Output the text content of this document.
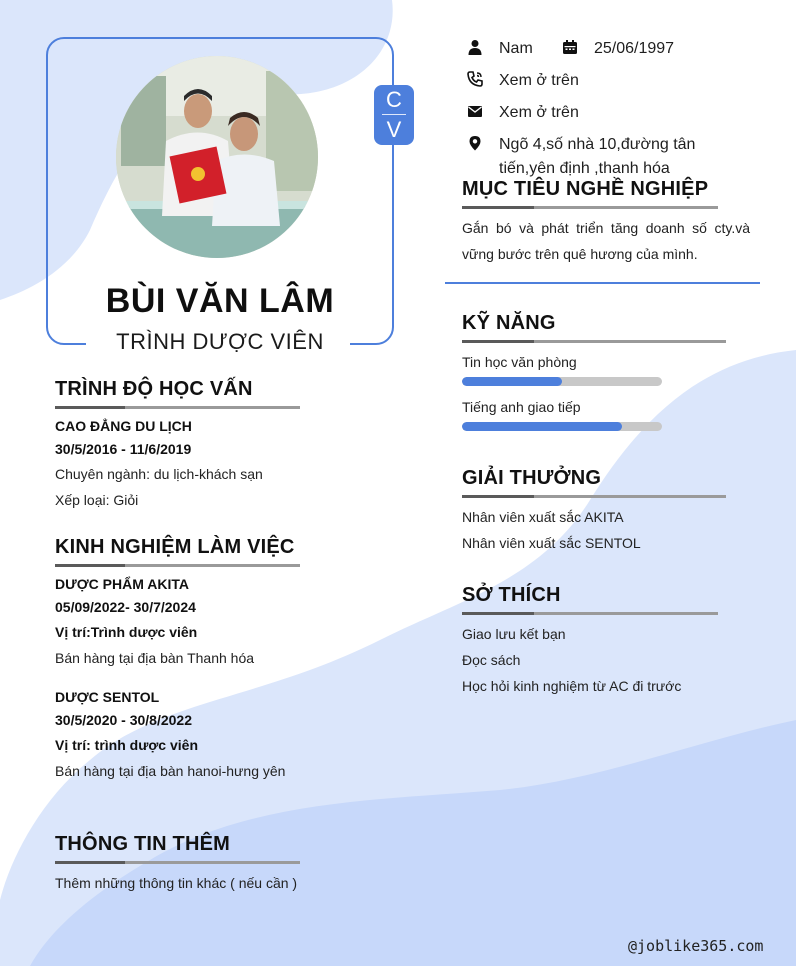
BÙI VĂN LÂM
TRÌNH DƯỢC VIÊN
C
V
Nam	25/06/1997
Xem ở trên
Xem ở trên
Ngõ 4,số nhà 10,đường tân
tiến,yên định ,thanh hóa
MỤC TIÊU NGHỀ NGHIỆP
Gắn bó và phát triển tăng doanh số cty.và vững bước trên quê hương của mình.
KỸ NĂNG
Tin học văn phòng
Tiếng anh giao tiếp
GIẢI THƯỞNG
Nhân viên xuất sắc AKITA
Nhân viên xuất sắc SENTOL
SỞ THÍCH
Giao lưu kết bạn
Đọc sách
Học hỏi kinh nghiệm từ AC đi trước
TRÌNH ĐỘ HỌC VẤN
CAO ĐẲNG DU LỊCH
30/5/2016 - 11/6/2019
Chuyên ngành: du lịch-khách sạn
Xếp loại: Giỏi
KINH NGHIỆM LÀM VIỆC
DƯỢC PHẨM AKITA
05/09/2022- 30/7/2024
Vị trí:Trình dược viên
Bán hàng tại địa bàn Thanh hóa
DƯỢC SENTOL
30/5/2020 - 30/8/2022
Vị trí: trình dược viên
Bán hàng tại địa bàn hanoi-hưng yên
THÔNG TIN THÊM
Thêm những thông tin khác ( nếu cần )
@joblike365.com
